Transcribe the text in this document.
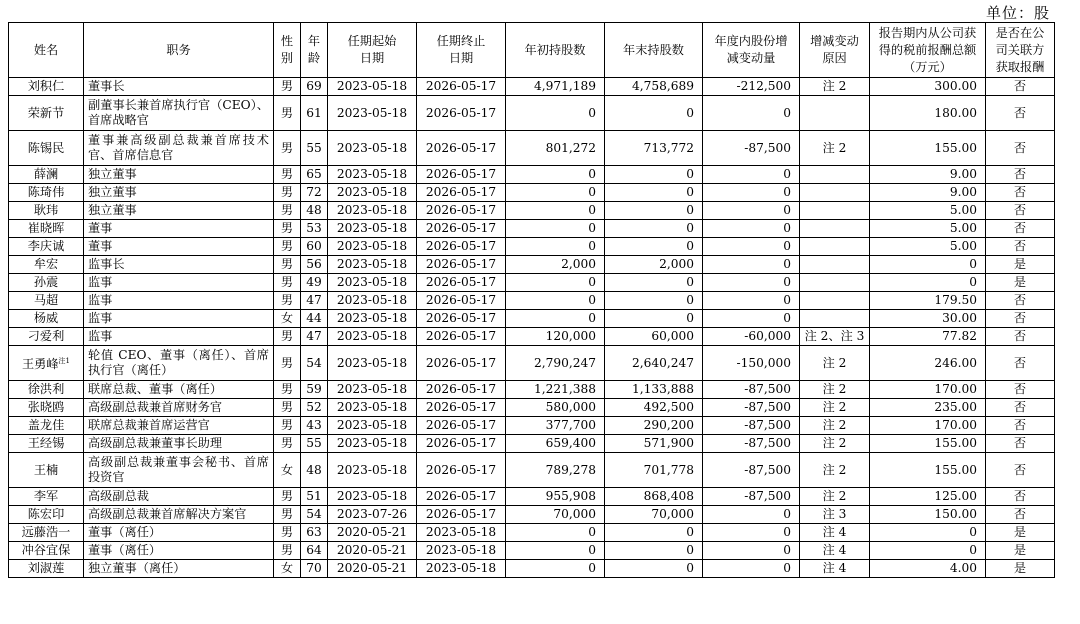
单位：股
姓名	职务	性别	年龄	任期起始日期	任期终止日期	年初持股数	年末持股数	年度内股份增减变动量	增减变动原因	报告期内从公司获得的税前报酬总额（万元）	是否在公司关联方获取报酬
刘积仁	董事长	男	69	2023-05-18	2026-05-17	4,971,189	4,758,689	-212,500	注 2	300.00	否
荣新节	副董事长兼首席执行官（CEO）、首席战略官	男	61	2023-05-18	2026-05-17	0	0	0		180.00	否
陈锡民	董事兼高级副总裁兼首席技术官、首席信息官	男	55	2023-05-18	2026-05-17	801,272	713,772	-87,500	注 2	155.00	否
薛澜	独立董事	男	65	2023-05-18	2026-05-17	0	0	0		9.00	否
陈琦伟	独立董事	男	72	2023-05-18	2026-05-17	0	0	0		9.00	否
耿玮	独立董事	男	48	2023-05-18	2026-05-17	0	0	0		5.00	否
崔晓晖	董事	男	53	2023-05-18	2026-05-17	0	0	0		5.00	否
李庆诚	董事	男	60	2023-05-18	2026-05-17	0	0	0		5.00	否
牟宏	监事长	男	56	2023-05-18	2026-05-17	2,000	2,000	0		0	是
孙震	监事	男	49	2023-05-18	2026-05-17	0	0	0		0	是
马超	监事	男	47	2023-05-18	2026-05-17	0	0	0		179.50	否
杨威	监事	女	44	2023-05-18	2026-05-17	0	0	0		30.00	否
刁爱利	监事	男	47	2023-05-18	2026-05-17	120,000	60,000	-60,000	注 2、注 3	77.82	否
王勇峰$^{注1}$	轮值 CEO、董事（离任）、首席执行官（离任）	男	54	2023-05-18	2026-05-17	2,790,247	2,640,247	-150,000	注 2	246.00	否
徐洪利	联席总裁、董事（离任）	男	59	2023-05-18	2026-05-17	1,221,388	1,133,888	-87,500	注 2	170.00	否
张晓鸥	高级副总裁兼首席财务官	男	52	2023-05-18	2026-05-17	580,000	492,500	-87,500	注 2	235.00	否
盖龙佳	联席总裁兼首席运营官	男	43	2023-05-18	2026-05-17	377,700	290,200	-87,500	注 2	170.00	否
王经锡	高级副总裁兼董事长助理	男	55	2023-05-18	2026-05-17	659,400	571,900	-87,500	注 2	155.00	否
王楠	高级副总裁兼董事会秘书、首席投资官	女	48	2023-05-18	2026-05-17	789,278	701,778	-87,500	注 2	155.00	否
李军	高级副总裁	男	51	2023-05-18	2026-05-17	955,908	868,408	-87,500	注 2	125.00	否
陈宏印	高级副总裁兼首席解决方案官	男	54	2023-07-26	2026-05-17	70,000	70,000	0	注 3	150.00	否
远藤浩一	董事（离任）	男	63	2020-05-21	2023-05-18	0	0	0	注 4	0	是
冲谷宜保	董事（离任）	男	64	2020-05-21	2023-05-18	0	0	0	注 4	0	是
刘淑莲	独立董事（离任）	女	70	2020-05-21	2023-05-18	0	0	0	注 4	4.00	是
